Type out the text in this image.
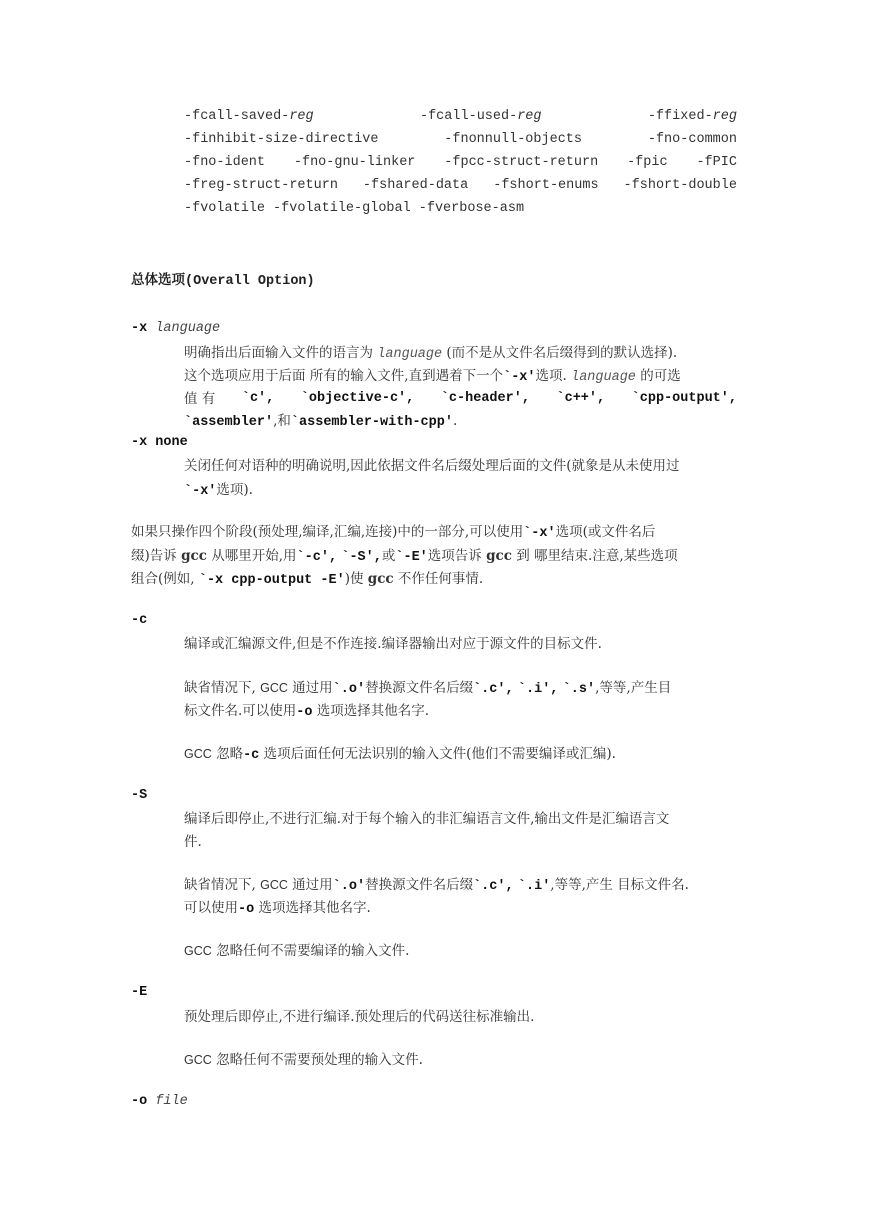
-fcall-saved-reg	-fcall-used-reg	-ffixed-reg
-finhibit-size-directive	-fnonnull-objects	-fno-common
-fno-ident -fno-gnu-linker -fpcc-struct-return -fpic -fPIC
-freg-struct-return -fshared-data -fshort-enums -fshort-double
-fvolatile -fvolatile-global -fverbose-asm
总体选项(Overall Option)
-x language
明确指出后面输入文件的语言为 language (而不是从文件名后缀得到的默认选择).
这个选项应用于后面 所有的输入文件,直到遇着下一个`-x'选项. language 的可选
值 有 `c', `objective-c', `c-header', `c++', `cpp-output',
`assembler',和`assembler-with-cpp'.
-x none
关闭任何对语种的明确说明,因此依据文件名后缀处理后面的文件(就象是从未使用过
`-x'选项).
如果只操作四个阶段(预处理,编译,汇编,连接)中的一部分,可以使用`-x'选项(或文件名后
缀)告诉 gcc 从哪里开始,用`-c', `-S',或`-E'选项告诉 gcc 到 哪里结束.注意,某些选项
组合(例如, `-x cpp-output -E')使 gcc 不作任何事情.
-c
编译或汇编源文件,但是不作连接.编译器输出对应于源文件的目标文件.
缺省情况下, GCC 通过用`.o'替换源文件名后缀`.c', `.i', `.s',等等,产生目
标文件名.可以使用-o 选项选择其他名字.
GCC 忽略-c 选项后面任何无法识别的输入文件(他们不需要编译或汇编).
-S
编译后即停止,不进行汇编.对于每个输入的非汇编语言文件,输出文件是汇编语言文
件.
缺省情况下, GCC 通过用`.o'替换源文件名后缀`.c', `.i',等等,产生 目标文件名.
可以使用-o 选项选择其他名字.
GCC 忽略任何不需要编译的输入文件.
-E
预处理后即停止,不进行编译.预处理后的代码送往标准输出.
GCC 忽略任何不需要预处理的输入文件.
-o file
